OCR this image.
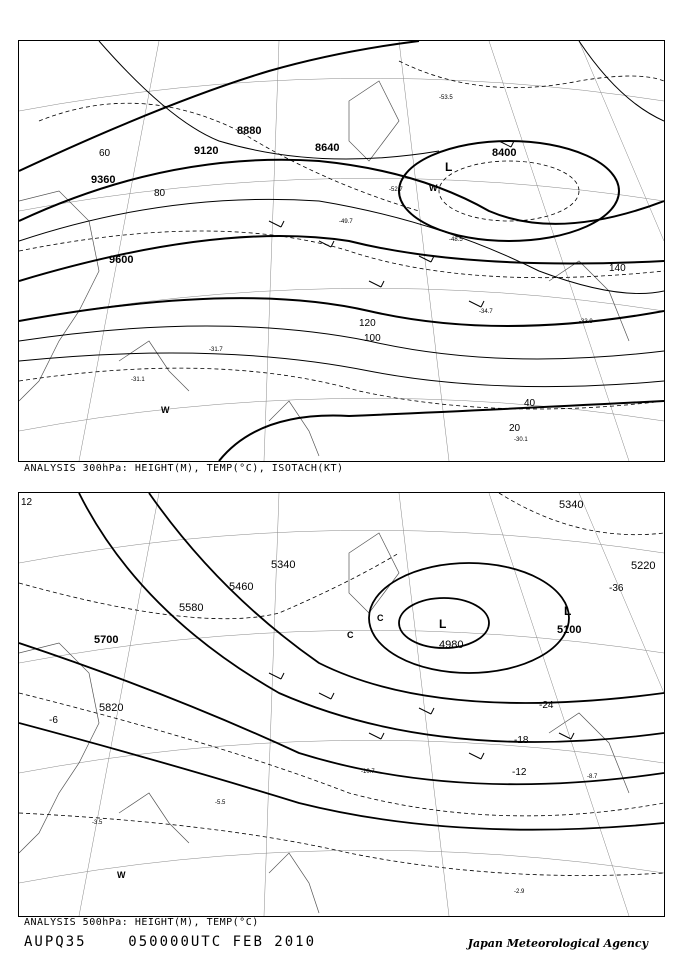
9120
8880
8640	8400
9360
9600
60
80
100
120
140
40
20
-30.1
-31.1
-31.7
-34.7
-33.9
-49.7
-48.5
-52.7
-53.5
L
W
W
ANALYSIS 300hPa: HEIGHT(M), TEMP(°C), ISOTACH(KT)
5340
5580
5700
5820
4980
5100
5220
5340
5460	-36
-24
-18
-12
-6
12
-2.9
-5.5
-3.5
-10.7
-8.7
L
L
C
C
W
ANALYSIS 500hPa: HEIGHT(M), TEMP(°C)
AUPQ35	050000UTC FEB 2010	Japan Meteorological Agency
